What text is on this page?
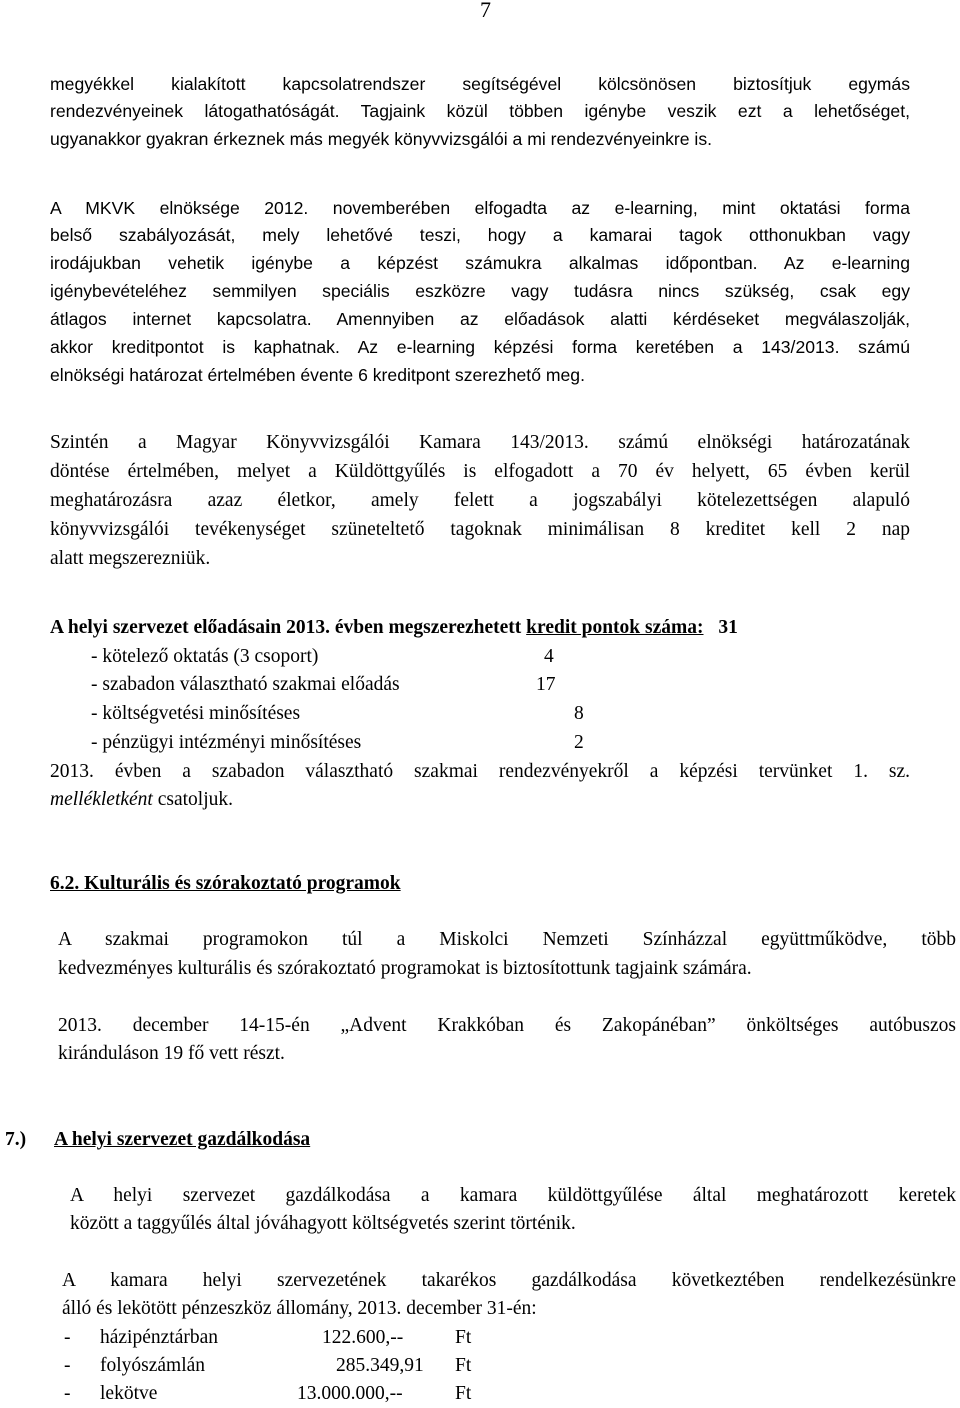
7
megyékkel kialakított kapcsolatrendszer segítségével kölcsönösen biztosítjuk egymás
rendezvényeinek látogathatóságát. Tagjaink közül többen igénybe veszik ezt a lehetőséget,
ugyanakkor gyakran érkeznek más megyék könyvvizsgálói a mi rendezvényeinkre is.
A MKVK elnöksége 2012. novemberében elfogadta az e-learning, mint oktatási forma
belső szabályozását, mely lehetővé teszi, hogy a kamarai tagok otthonukban vagy
irodájukban vehetik igénybe a képzést számukra alkalmas időpontban. Az e-learning
igénybevételéhez semmilyen speciális eszközre vagy tudásra nincs szükség, csak egy
átlagos internet kapcsolatra. Amennyiben az előadások alatti kérdéseket megválaszolják,
akkor kreditpontot is kaphatnak. Az e-learning képzési forma keretében a 143/2013. számú
elnökségi határozat értelmében évente 6 kreditpont szerezhető meg.
Szintén a Magyar Könyvvizsgálói Kamara 143/2013. számú elnökségi határozatának
döntése értelmében, melyet a Küldöttgyűlés is elfogadott a 70 év helyett, 65 évben kerül
meghatározásra azaz életkor, amely felett a jogszabályi kötelezettségen alapuló
könyvvizsgálói tevékenységet szüneteltető tagoknak minimálisan 8 kreditet kell 2 nap
alatt megszerezniük.
A helyi szervezet előadásain 2013. évben megszerezhetett kredit pontok száma: 31
- kötelező oktatás (3 csoport)	4
- szabadon választható szakmai előadás	17
- költségvetési minősítéses	8
- pénzügyi intézményi minősítéses	2
2013. évben a szabadon választható szakmai rendezvényekről a képzési tervünket 1. sz.
mellékletként csatoljuk.
6.2. Kulturális és szórakoztató programok
A szakmai programokon túl a Miskolci Nemzeti Színházzal együttműködve, több
kedvezményes kulturális és szórakoztató programokat is biztosítottunk tagjaink számára.
2013. december 14-15-én „Advent Krakkóban és Zakopánéban” önköltséges autóbuszos
kiránduláson 19 fő vett részt.
7.) A helyi szervezet gazdálkodása
A helyi szervezet gazdálkodása a kamara küldöttgyűlése által meghatározott keretek
között a taggyűlés által jóváhagyott költségvetés szerint történik.
A kamara helyi szervezetének takarékos gazdálkodása következtében rendelkezésünkre
álló és lekötött pénzeszköz állomány, 2013. december 31-én:
- házipénztárban	122.600,--	Ft
- folyószámlán	285.349,91 Ft
- lekötve	13.000.000,--	Ft
